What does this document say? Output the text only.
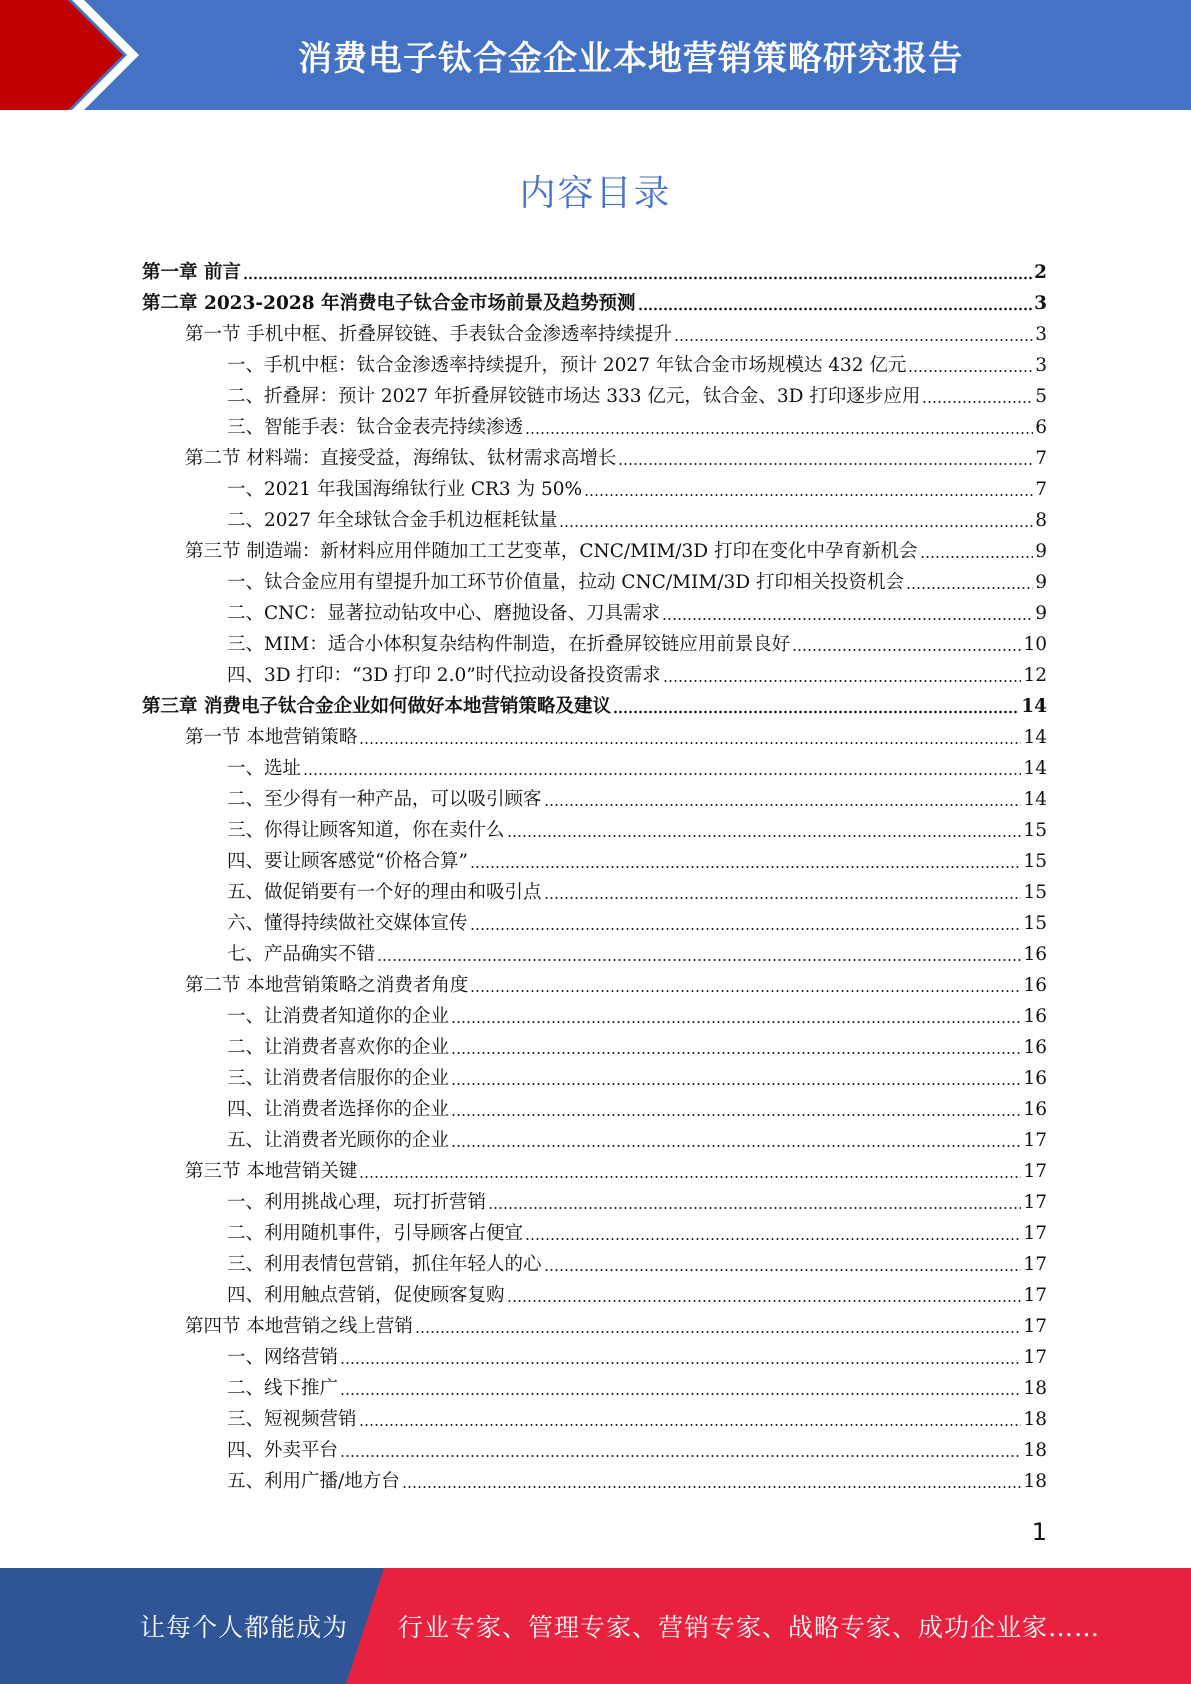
消费电子钛合金企业本地营销策略研究报告
内容目录
第一章 前言	2
第二章 2023-2028 年消费电子钛合金市场前景及趋势预测	3
第一节 手机中框、折叠屏铰链、手表钛合金渗透率持续提升	3
一、手机中框：钛合金渗透率持续提升，预计 2027 年钛合金市场规模达 432 亿元	3
二、折叠屏：预计 2027 年折叠屏铰链市场达 333 亿元，钛合金、3D 打印逐步应用	5
三、智能手表：钛合金表壳持续渗透	6
第二节 材料端：直接受益，海绵钛、钛材需求高增长	7
一、2021 年我国海绵钛行业 CR3 为 50%	7
二、2027 年全球钛合金手机边框耗钛量	8
第三节 制造端：新材料应用伴随加工工艺变革，CNC/MIM/3D 打印在变化中孕育新机会	9
一、钛合金应用有望提升加工环节价值量，拉动 CNC/MIM/3D 打印相关投资机会	9
二、CNC：显著拉动钻攻中心、磨抛设备、刀具需求	9
三、MIM：适合小体积复杂结构件制造，在折叠屏铰链应用前景良好	10
四、3D 打印：“3D 打印 2.0”时代拉动设备投资需求	12
第三章 消费电子钛合金企业如何做好本地营销策略及建议	14
第一节 本地营销策略	14
一、选址	14
二、至少得有一种产品，可以吸引顾客	14
三、你得让顾客知道，你在卖什么	15
四、要让顾客感觉“价格合算”	15
五、做促销要有一个好的理由和吸引点	15
六、懂得持续做社交媒体宣传	15
七、产品确实不错	16
第二节 本地营销策略之消费者角度	16
一、让消费者知道你的企业	16
二、让消费者喜欢你的企业	16
三、让消费者信服你的企业	16
四、让消费者选择你的企业	16
五、让消费者光顾你的企业	17
第三节 本地营销关键	17
一、利用挑战心理，玩打折营销	17
二、利用随机事件，引导顾客占便宜	17
三、利用表情包营销，抓住年轻人的心	17
四、利用触点营销，促使顾客复购	17
第四节 本地营销之线上营销	17
一、网络营销	17
二、线下推广	18
三、短视频营销	18
四、外卖平台	18
五、利用广播/地方台	18
1
让每个人都能成为 行业专家、管理专家、营销专家、战略专家、成功企业家……
